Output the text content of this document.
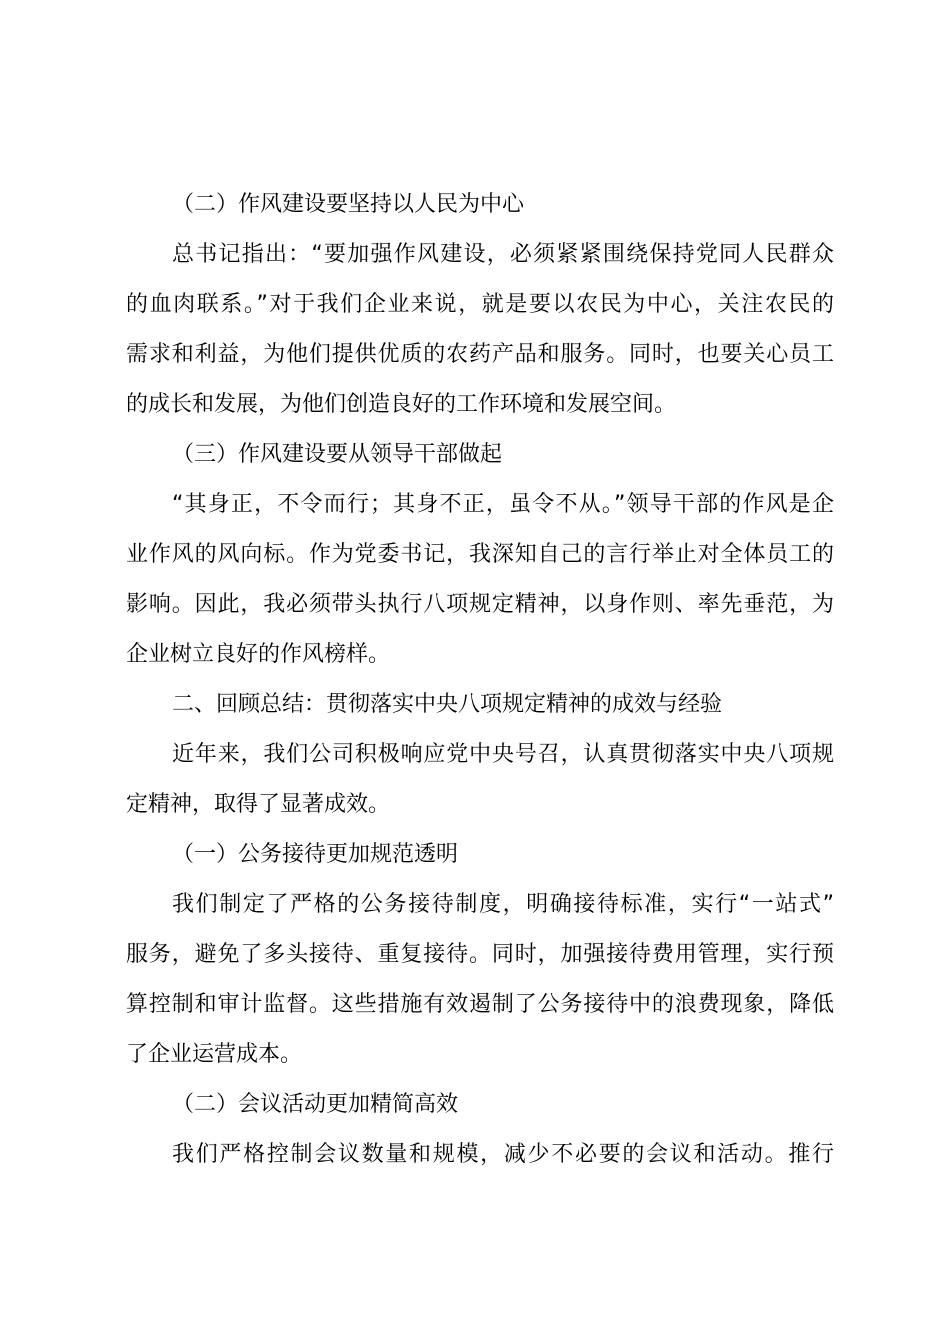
（二）作风建设要坚持以人民为中心
总书记指出：“要加强作风建设，必须紧紧围绕保持党同人民群众
的血肉联系。”对于我们企业来说，就是要以农民为中心，关注农民的
需求和利益，为他们提供优质的农药产品和服务。同时，也要关心员工
的成长和发展，为他们创造良好的工作环境和发展空间。
（三）作风建设要从领导干部做起
“其身正，不令而行；其身不正，虽令不从。”领导干部的作风是企
业作风的风向标。作为党委书记，我深知自己的言行举止对全体员工的
影响。因此，我必须带头执行八项规定精神，以身作则、率先垂范，为
企业树立良好的作风榜样。
二、回顾总结：贯彻落实中央八项规定精神的成效与经验
近年来，我们公司积极响应党中央号召，认真贯彻落实中央八项规
定精神，取得了显著成效。
（一）公务接待更加规范透明
我们制定了严格的公务接待制度，明确接待标准，实行“一站式”
服务，避免了多头接待、重复接待。同时，加强接待费用管理，实行预
算控制和审计监督。这些措施有效遏制了公务接待中的浪费现象，降低
了企业运营成本。
（二）会议活动更加精简高效
我们严格控制会议数量和规模，减少不必要的会议和活动。推行
